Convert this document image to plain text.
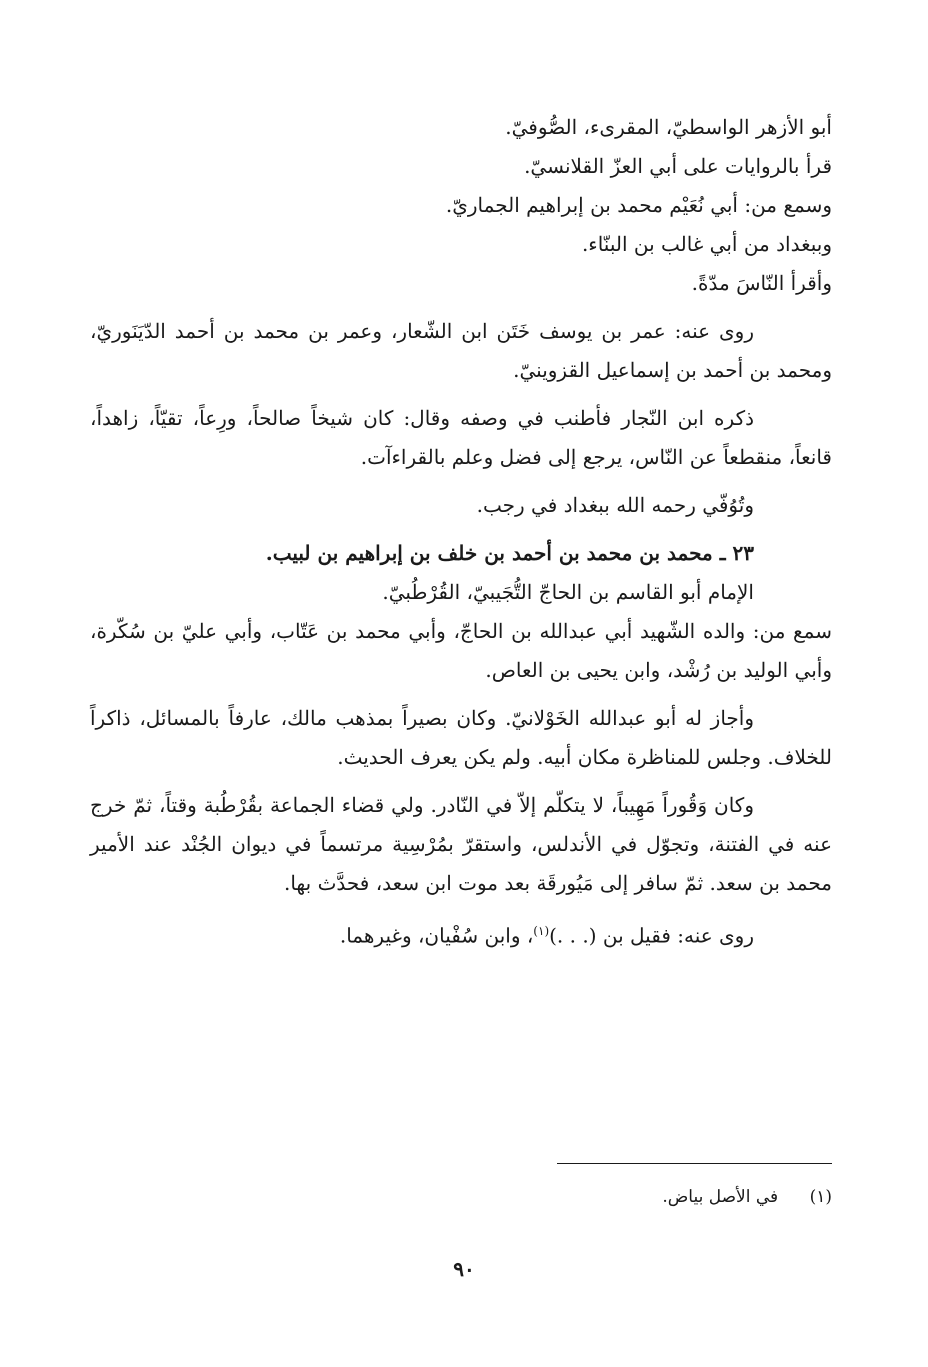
أبو الأزهر الواسطيّ، المقرىء، الصُّوفيّ.

قرأ بالروايات على أبي العزّ القلانسيّ.

وسمع من: أبي نُعَيْم محمد بن إبراهيم الجماريّ.

وببغداد من أبي غالب بن البنّاء.

وأقرأ النّاسَ مدّةً.

روى عنه: عمر بن يوسف خَتَن ابن الشّعار، وعمر بن محمد بن أحمد الدّيَنَوريّ، ومحمد بن أحمد بن إسماعيل القزوينيّ.

ذكره ابن النّجار فأطنب في وصفه وقال: كان شيخاً صالحاً، ورِعاً، تقيّاً، زاهداً، قانعاً، منقطعاً عن النّاس، يرجع إلى فضل وعلم بالقراءآت.

وتُوُفّي رحمه الله ببغداد في رجب.

٢٣ ـ محمد بن محمد بن أحمد بن خلف بن إبراهيم بن لبيب.

الإمام أبو القاسم بن الحاجّ التُّجَيبيّ، القُرْطُبيّ.

سمع من: والده الشّهيد أبي عبدالله بن الحاجّ، وأبي محمد بن عَتّاب، وأبي عليّ بن سُكّرة، وأبي الوليد بن رُشْد، وابن يحيى بن العاص.

وأجاز له أبو عبدالله الخَوْلانيّ. وكان بصيراً بمذهب مالك، عارفاً بالمسائل، ذاكراً للخلاف. وجلس للمناظرة مكان أبيه. ولم يكن يعرف الحديث.

وكان وَقُوراً مَهِيباً، لا يتكلّم إلاّ في النّادر. ولي قضاء الجماعة بقُرْطُبة وقتاً، ثمّ خرج عنه في الفتنة، وتجوّل في الأندلس، واستقرّ بمُرْسِية مرتسماً في ديوان الجُنْد عند الأمير محمد بن سعد. ثمّ سافر إلى مَيُورقَة بعد موت ابن سعد، فحدَّث بها.

روى عنه: فقيل بن (. . .)$^{(١)}$، وابن سُفْيان، وغيرهما.

(١) في الأصل بياض.
٩٠
